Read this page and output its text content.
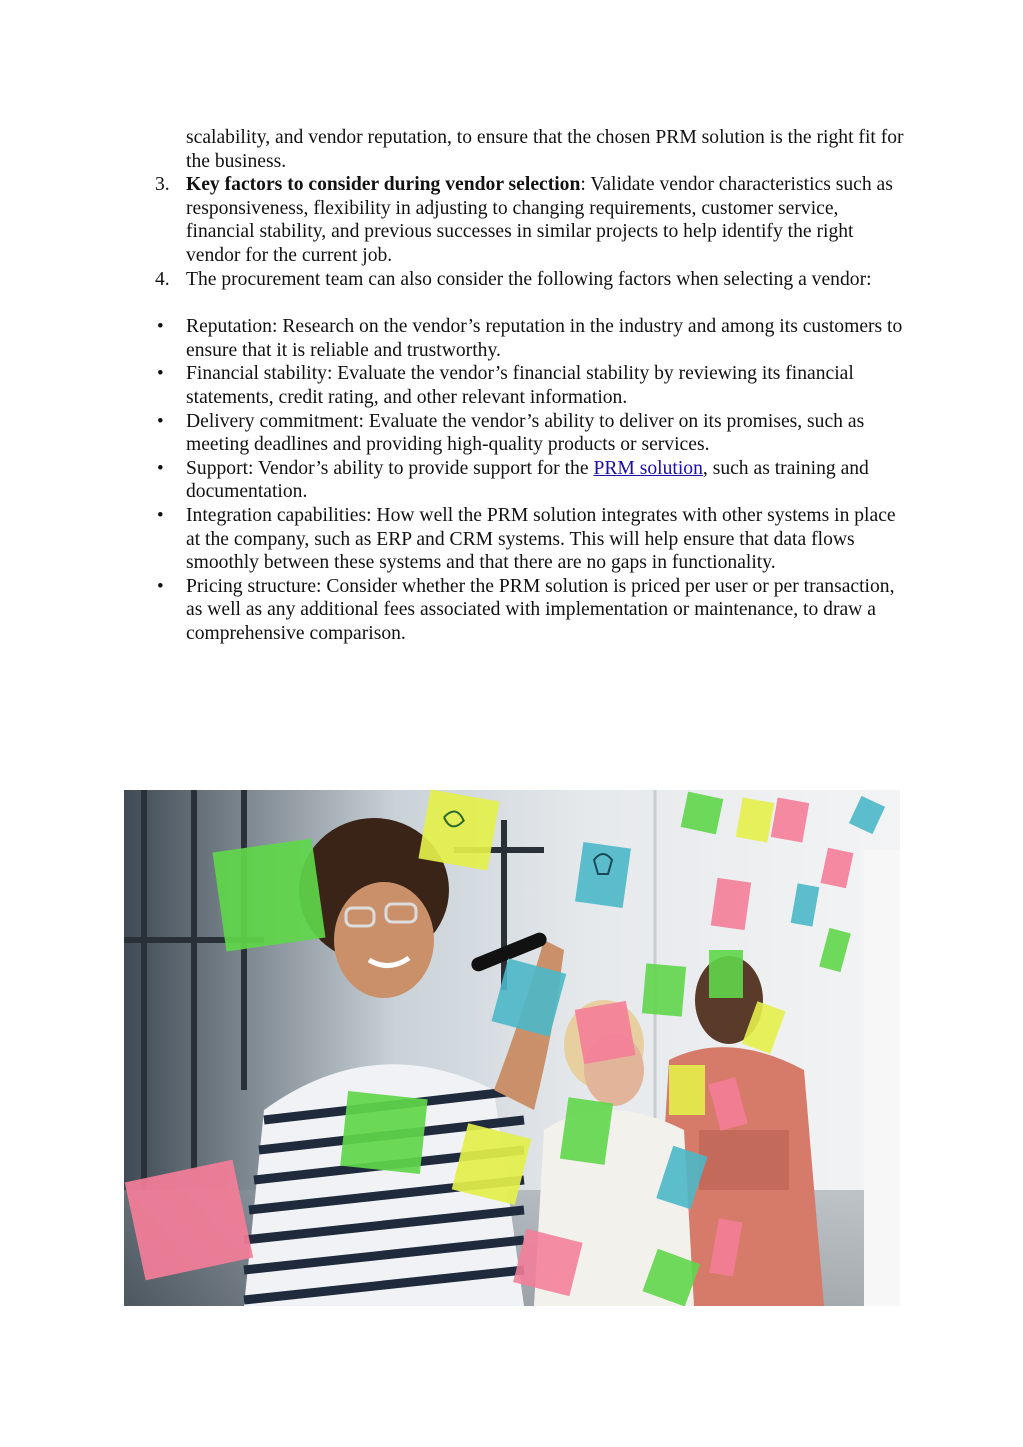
scalability, and vendor reputation, to ensure that the chosen PRM solution is the right fit for the business.
3. Key factors to consider during vendor selection: Validate vendor characteristics such as responsiveness, flexibility in adjusting to changing requirements, customer service, financial stability, and previous successes in similar projects to help identify the right vendor for the current job.
4. The procurement team can also consider the following factors when selecting a vendor:
•	Reputation: Research on the vendor’s reputation in the industry and among its customers to ensure that it is reliable and trustworthy.
•	Financial stability: Evaluate the vendor’s financial stability by reviewing its financial statements, credit rating, and other relevant information.
•	Delivery commitment: Evaluate the vendor’s ability to deliver on its promises, such as meeting deadlines and providing high-quality products or services.
•	Support: Vendor’s ability to provide support for the PRM solution, such as training and documentation.
•	Integration capabilities: How well the PRM solution integrates with other systems in place at the company, such as ERP and CRM systems. This will help ensure that data flows smoothly between these systems and that there are no gaps in functionality.
•	Pricing structure: Consider whether the PRM solution is priced per user or per transaction, as well as any additional fees associated with implementation or maintenance, to draw a comprehensive comparison.
